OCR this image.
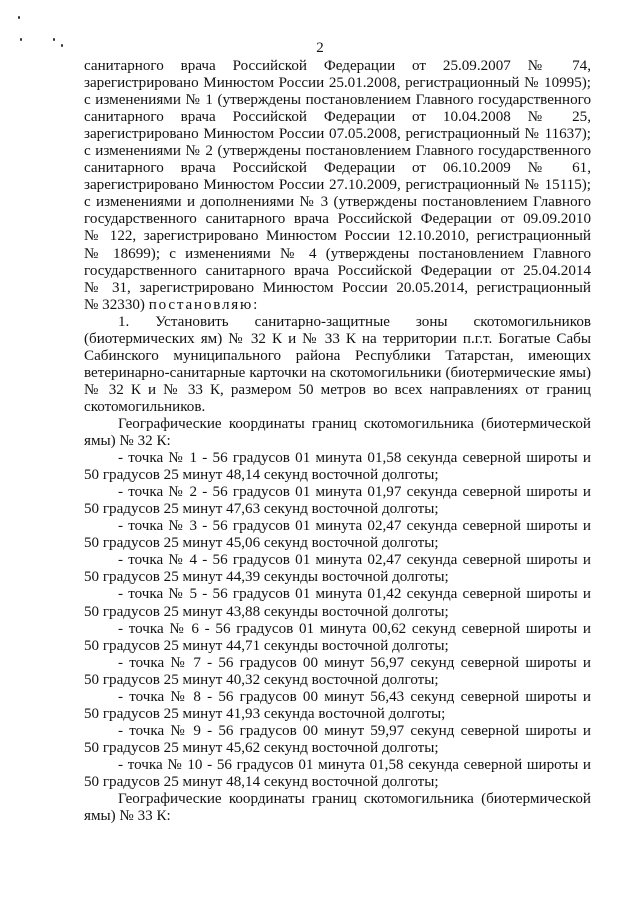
2

санитарного врача Российской Федерации от 25.09.2007 № 74,

зарегистрировано Минюстом России 25.01.2008, регистрационный № 10995);

с изменениями № 1 (утверждены постановлением Главного государственного

санитарного врача Российской Федерации от 10.04.2008 № 25,

зарегистрировано Минюстом России 07.05.2008, регистрационный № 11637);

с изменениями № 2 (утверждены постановлением Главного государственного

санитарного врача Российской Федерации от 06.10.2009 № 61,

зарегистрировано Минюстом России 27.10.2009, регистрационный № 15115);

с изменениями и дополнениями № 3 (утверждены постановлением Главного

государственного санитарного врача Российской Федерации от 09.09.2010

№ 122, зарегистрировано Минюстом России 12.10.2010, регистрационный

№ 18699); с изменениями № 4 (утверждены постановлением Главного

государственного санитарного врача Российской Федерации от 25.04.2014

№ 31, зарегистрировано Минюстом России 20.05.2014, регистрационный

№ 32330) постановляю:

1. Установить санитарно-защитные зоны скотомогильников

(биотермических ям) № 32 К и № 33 К на территории п.г.т. Богатые Сабы

Сабинского муниципального района Республики Татарстан, имеющих

ветеринарно-санитарные карточки на скотомогильники (биотермические ямы)

№ 32 К и № 33 К, размером 50 метров во всех направлениях от границ

скотомогильников.

Географические координаты границ скотомогильника (биотермической

ямы) № 32 К:

- точка № 1 - 56 градусов 01 минута 01,58 секунда северной широты и

50 градусов 25 минут 48,14 секунд восточной долготы;

- точка № 2 - 56 градусов 01 минута 01,97 секунда северной широты и

50 градусов 25 минут 47,63 секунд восточной долготы;

- точка № 3 - 56 градусов 01 минута 02,47 секунда северной широты и

50 градусов 25 минут 45,06 секунд восточной долготы;

- точка № 4 - 56 градусов 01 минута 02,47 секунда северной широты и

50 градусов 25 минут 44,39 секунды восточной долготы;

- точка № 5 - 56 градусов 01 минута 01,42 секунда северной широты и

50 градусов 25 минут 43,88 секунды восточной долготы;

- точка № 6 - 56 градусов 01 минута 00,62 секунд северной широты и

50 градусов 25 минут 44,71 секунды восточной долготы;

- точка № 7 - 56 градусов 00 минут 56,97 секунд северной широты и

50 градусов 25 минут 40,32 секунд восточной долготы;

- точка № 8 - 56 градусов 00 минут 56,43 секунд северной широты и

50 градусов 25 минут 41,93 секунда восточной долготы;

- точка № 9 - 56 градусов 00 минут 59,97 секунд северной широты и

50 градусов 25 минут 45,62 секунд восточной долготы;

- точка № 10 - 56 градусов 01 минута 01,58 секунда северной широты и

50 градусов 25 минут 48,14 секунд восточной долготы;

Географические координаты границ скотомогильника (биотермической

ямы) № 33 К:
